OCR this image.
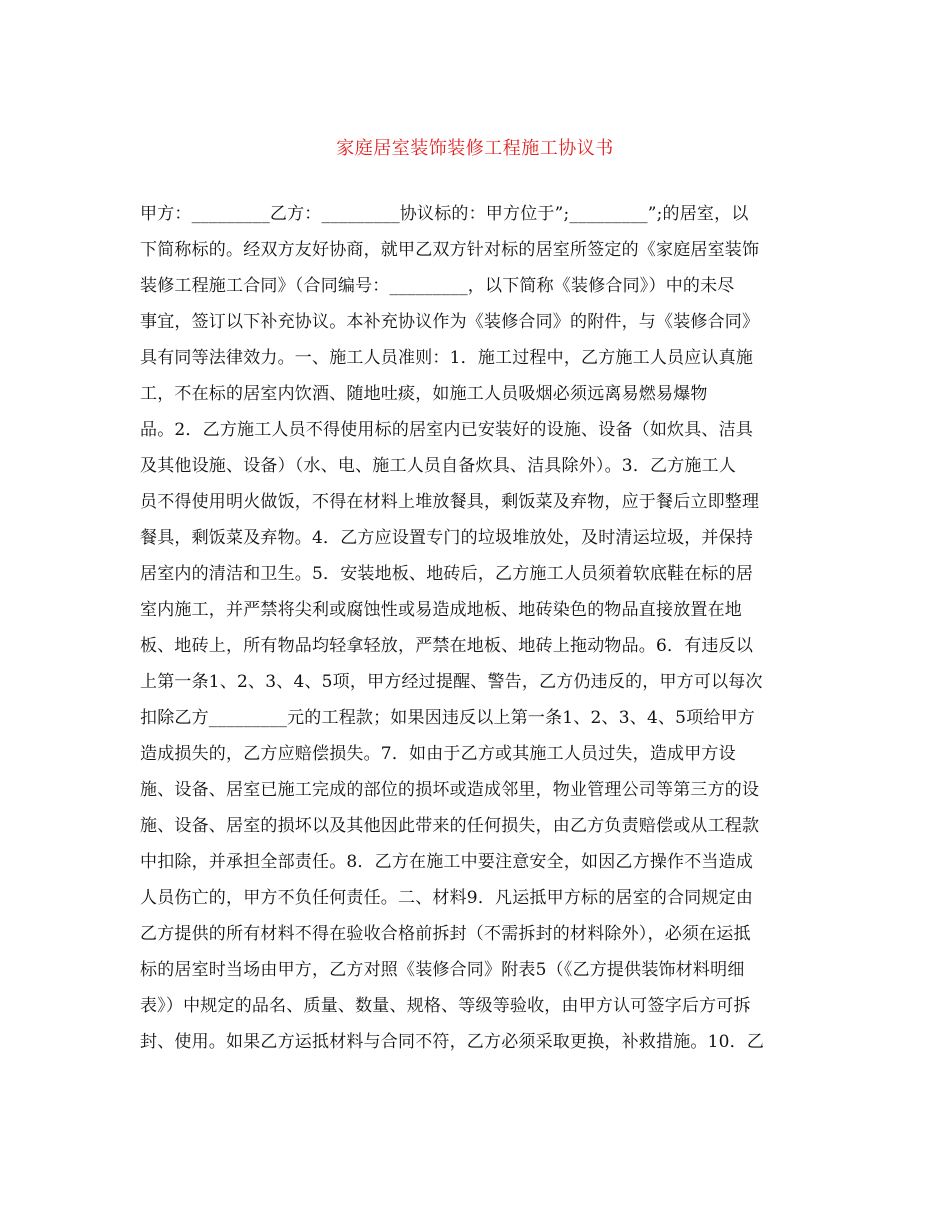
家庭居室装饰装修工程施工协议书
甲方：_________乙方：_________协议标的：甲方位于”;_________”;的居室，以
下简称标的。经双方友好协商，就甲乙双方针对标的居室所签定的《家庭居室装饰
装修工程施工合同》（合同编号：_________，以下简称《装修合同》）中的未尽
事宜，签订以下补充协议。本补充协议作为《装修合同》的附件，与《装修合同》
具有同等法律效力。一、施工人员准则：1．施工过程中，乙方施工人员应认真施
工，不在标的居室内饮酒、随地吐痰，如施工人员吸烟必须远离易燃易爆物
品。2．乙方施工人员不得使用标的居室内已安装好的设施、设备（如炊具、洁具
及其他设施、设备）（水、电、施工人员自备炊具、洁具除外）。3．乙方施工人
员不得使用明火做饭，不得在材料上堆放餐具，剩饭菜及弃物，应于餐后立即整理
餐具，剩饭菜及弃物。4．乙方应设置专门的垃圾堆放处，及时清运垃圾，并保持
居室内的清洁和卫生。5．安装地板、地砖后，乙方施工人员须着软底鞋在标的居
室内施工，并严禁将尖利或腐蚀性或易造成地板、地砖染色的物品直接放置在地
板、地砖上，所有物品均轻拿轻放，严禁在地板、地砖上拖动物品。6．有违反以
上第一条1、2、3、4、5项，甲方经过提醒、警告，乙方仍违反的，甲方可以每次
扣除乙方_________元的工程款；如果因违反以上第一条1、2、3、4、5项给甲方
造成损失的，乙方应赔偿损失。7．如由于乙方或其施工人员过失，造成甲方设
施、设备、居室已施工完成的部位的损坏或造成邻里，物业管理公司等第三方的设
施、设备、居室的损坏以及其他因此带来的任何损失，由乙方负责赔偿或从工程款
中扣除，并承担全部责任。8．乙方在施工中要注意安全，如因乙方操作不当造成
人员伤亡的，甲方不负任何责任。二、材料9．凡运抵甲方标的居室的合同规定由
乙方提供的所有材料不得在验收合格前拆封（不需拆封的材料除外），必须在运抵
标的居室时当场由甲方，乙方对照《装修合同》附表5（《乙方提供装饰材料明细
表》）中规定的品名、质量、数量、规格、等级等验收，由甲方认可签字后方可拆
封、使用。如果乙方运抵材料与合同不符，乙方必须采取更换，补救措施。10．乙
